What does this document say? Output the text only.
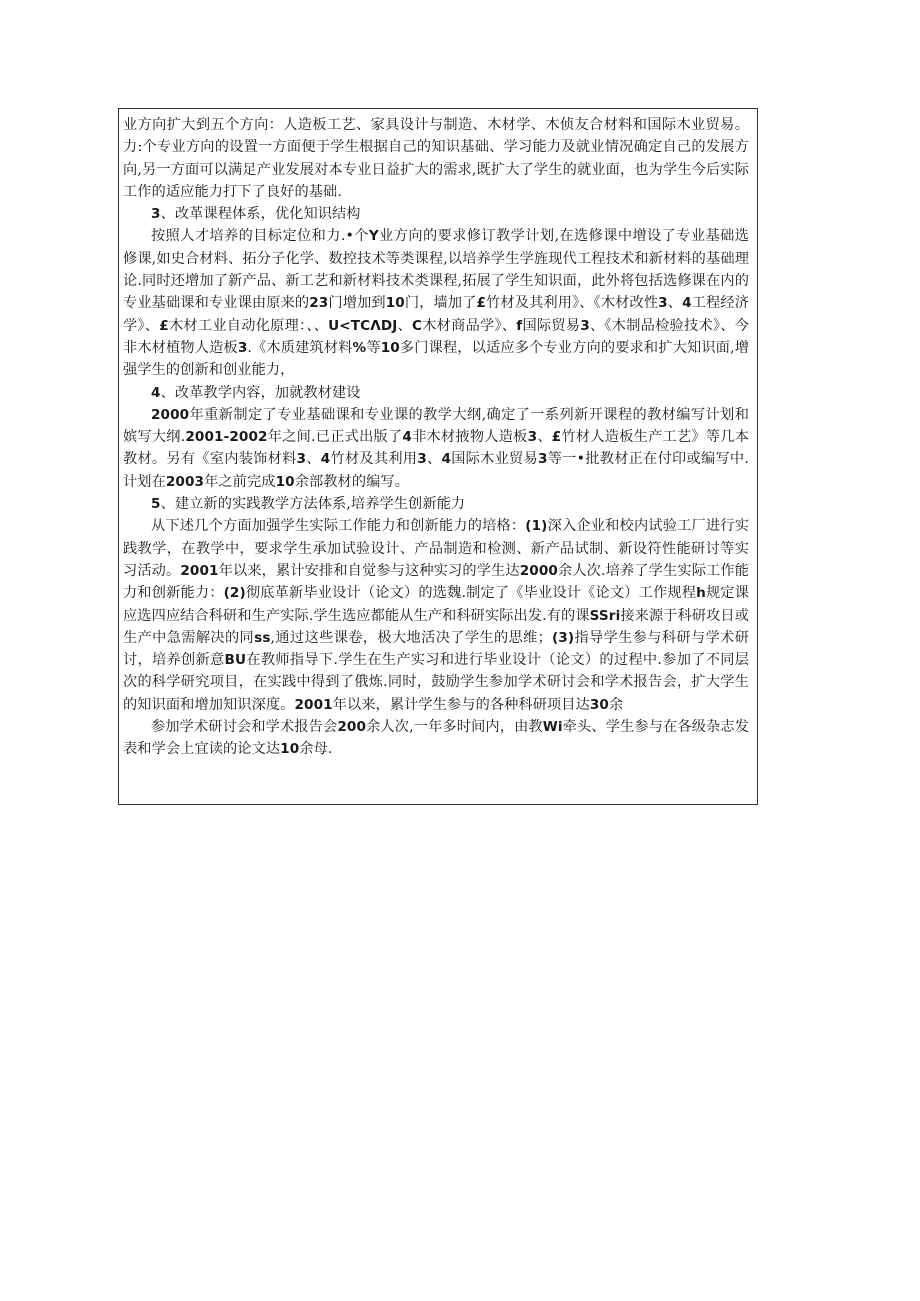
业方向扩大到五个方向：人造板工艺、家具设计与制造、木材学、木侦友合材料和国际木业贸易。力:个专业方向的设置一方面便于学生根据自己的知识基础、学习能力及就业情况确定自己的发展方向,另一方面可以满足产业发展对本专业日益扩大的需求,既扩大了学生的就业面，也为学生今后实际工作的适应能力打下了良好的基础.

3、改革课程体系，优化知识结构

按照人才培养的目标定位和力.•个Y业方向的要求修订教学计划,在选修课中增设了专业基础选修课,如史合材料、拓分子化学、数控技术等类课程,以培养学生学旌现代工程技术和新材料的基础理论.同时还增加了新产品、新工艺和新材料技术类课程,拓展了学生知识面，此外将包括选修课在内的专业基础课和专业课由原来的23门增加到10门，墙加了£竹材及其利用》、《木材改性3、4工程经济学》、£木材工业自动化原理：、、U<TCΛDJ、C木材商品学》、f国际贸易3、《木制品检验技术》、今非木材植物人造板3.《木质建筑材料%等10多门课程，以适应多个专业方向的要求和扩大知识面,增强学生的创新和创业能力，

4、改革教学内容，加就教材建设

2000年重新制定了专业基础课和专业课的教学大纲,确定了一系列新开课程的教材编写计划和嫔写大纲.2001-2002年之间.已正式出版了4非木材掖物人造板3、£竹材人造板生产工艺》等几本教材。另有《室内装饰材料3、4竹材及其利用3、4国际木业贸易3等一•批教材正在付印或编写中.计划在2003年之前完成10余部教材的编写。

5、建立新的实践教学方法体系,培养学生创新能力

从下述几个方面加强学生实际工作能力和创新能力的培格：(1)深入企业和校内试验工厂进行实践教学，在教学中，要求学生承加试验设计、产品制造和检测、新产品试制、新设符性能研讨等实习活动。2001年以来，累计安排和自觉参与这种实习的学生达2000余人次.培养了学生实际工作能力和创新能力：(2)彻底革新毕业设计（论文）的选魏.制定了《毕业设计《论文）工作规程h规定课应选四应结合科研和生产实际.学生选应都能从生产和科研实际出发.有的课SSri接来源于科研攻日或生产中急需解决的同ss,通过这些课卷，极大地活决了学生的思维；(3)指导学生参与科研与学术研讨，培养创新意BU在教师指导下.学生在生产实习和进行毕业设计（论文）的过程中.参加了不同层次的科学研究项目，在实践中得到了俄炼.同时，鼓励学生参加学术研讨会和学术报告会，扩大学生的知识面和增加知识深度。2001年以来，累计学生参与的各种科研项目达30余

参加学术研讨会和学术报告会200余人次,一年多时间内，由教Wi牵头、学生参与在各级杂志发表和学会上宜读的论文达10余母.
